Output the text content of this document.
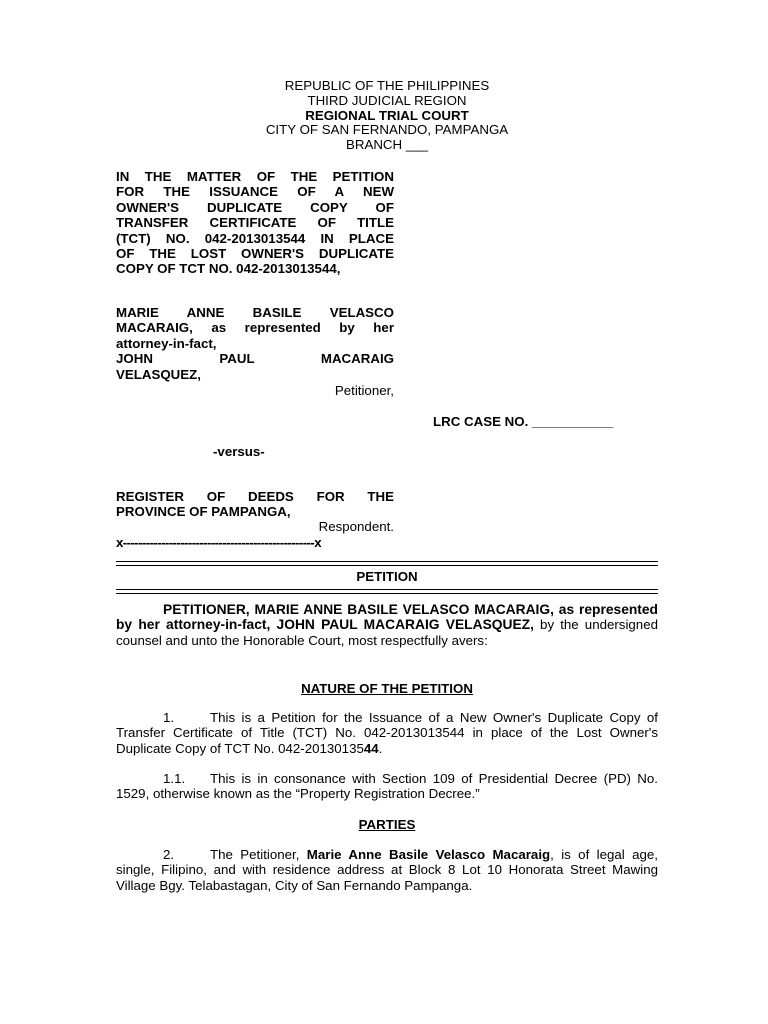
REPUBLIC OF THE PHILIPPINES
THIRD JUDICIAL REGION
REGIONAL TRIAL COURT
CITY OF SAN FERNANDO, PAMPANGA
BRANCH ___
IN THE MATTER OF THE PETITION
FOR THE ISSUANCE OF A NEW
OWNER'S DUPLICATE COPY OF
TRANSFER CERTIFICATE OF TITLE
(TCT) NO. 042-2013013544 IN PLACE
OF THE LOST OWNER'S DUPLICATE
COPY OF TCT NO. 042-2013013544,
MARIE ANNE BASILE VELASCO
MACARAIG, as represented by her
attorney-in-fact,
JOHN PAUL MACARAIG
VELASQUEZ,
Petitioner,
LRC CASE NO. ___________
-versus-
REGISTER OF DEEDS FOR THE
PROVINCE OF PAMPANGA,
Respondent.
x--------------------------------------------------x
PETITION
PETITIONER, MARIE ANNE BASILE VELASCO MACARAIG, as represented by her attorney-in-fact, JOHN PAUL MACARAIG VELASQUEZ, by the undersigned counsel and unto the Honorable Court, most respectfully avers:
NATURE OF THE PETITION
1.	This is a Petition for the Issuance of a New Owner's Duplicate Copy of Transfer Certificate of Title (TCT) No. 042-2013013544 in place of the Lost Owner's Duplicate Copy of TCT No. 042-2013013544.
1.1. This is in consonance with Section 109 of Presidential Decree (PD) No. 1529, otherwise known as the “Property Registration Decree.”
PARTIES
2.	The Petitioner, Marie Anne Basile Velasco Macaraig, is of legal age, single, Filipino, and with residence address at Block 8 Lot 10 Honorata Street Mawing Village Bgy. Telabastagan, City of San Fernando Pampanga.
